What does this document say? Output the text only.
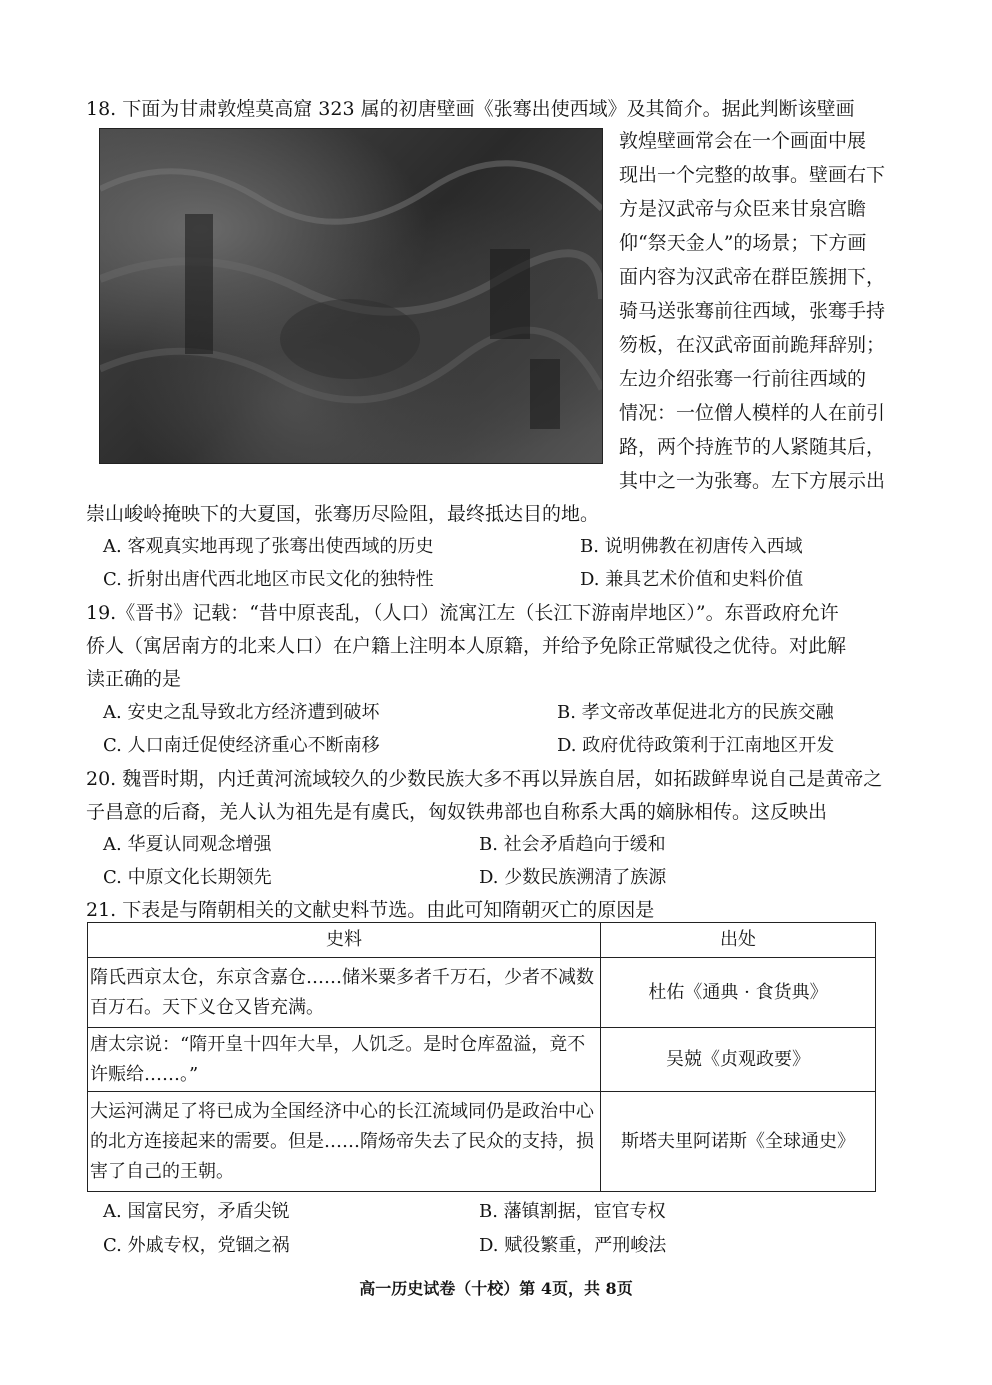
18. 下面为甘肃敦煌莫高窟 323 属的初唐壁画《张骞出使西域》及其简介。据此判断该壁画
敦煌壁画常会在一个画面中展
现出一个完整的故事。壁画右下
方是汉武帝与众臣来甘泉宫瞻
仰“祭天金人”的场景；下方画
面内容为汉武帝在群臣簇拥下，
骑马送张骞前往西域，张骞手持
笏板，在汉武帝面前跪拜辞别；
左边介绍张骞一行前往西域的
情况：一位僧人模样的人在前引
路，两个持旌节的人紧随其后，
其中之一为张骞。左下方展示出
崇山峻岭掩映下的大夏国，张骞历尽险阻，最终抵达目的地。
A. 客观真实地再现了张骞出使西域的历史	B. 说明佛教在初唐传入西域
C. 折射出唐代西北地区市民文化的独特性	D. 兼具艺术价值和史料价值
19.《晋书》记载：“昔中原丧乱，（人口）流寓江左（长江下游南岸地区）”。东晋政府允许
侨人（寓居南方的北来人口）在户籍上注明本人原籍，并给予免除正常赋役之优待。对此解
读正确的是
A. 安史之乱导致北方经济遭到破坏	B. 孝文帝改革促进北方的民族交融
C. 人口南迁促使经济重心不断南移	D. 政府优待政策利于江南地区开发
20. 魏晋时期，内迁黄河流域较久的少数民族大多不再以异族自居，如拓跋鲜卑说自己是黄帝之
子昌意的后裔，羌人认为祖先是有虞氏，匈奴铁弗部也自称系大禹的嫡脉相传。这反映出
A. 华夏认同观念增强	B. 社会矛盾趋向于缓和
C. 中原文化长期领先	D. 少数民族溯清了族源
21. 下表是与隋朝相关的文献史料节选。由此可知隋朝灭亡的原因是
史料	出处
隋氏西京太仓，东京含嘉仓……储米粟多者千万石，少者不减数百万石。天下义仓又皆充满。	杜佑《通典 · 食货典》
唐太宗说：“隋开皇十四年大旱，人饥乏。是时仓库盈溢，竟不许赈给……。”	吴兢《贞观政要》
大运河满足了将已成为全国经济中心的长江流域同仍是政治中心的北方连接起来的需要。但是……隋炀帝失去了民众的支持，损害了自己的王朝。	斯塔夫里阿诺斯《全球通史》
A. 国富民穷，矛盾尖锐	B. 藩镇割据，宦官专权
C. 外戚专权，党锢之祸	D. 赋役繁重，严刑峻法
高一历史试卷（十校）第 4页，共 8页
